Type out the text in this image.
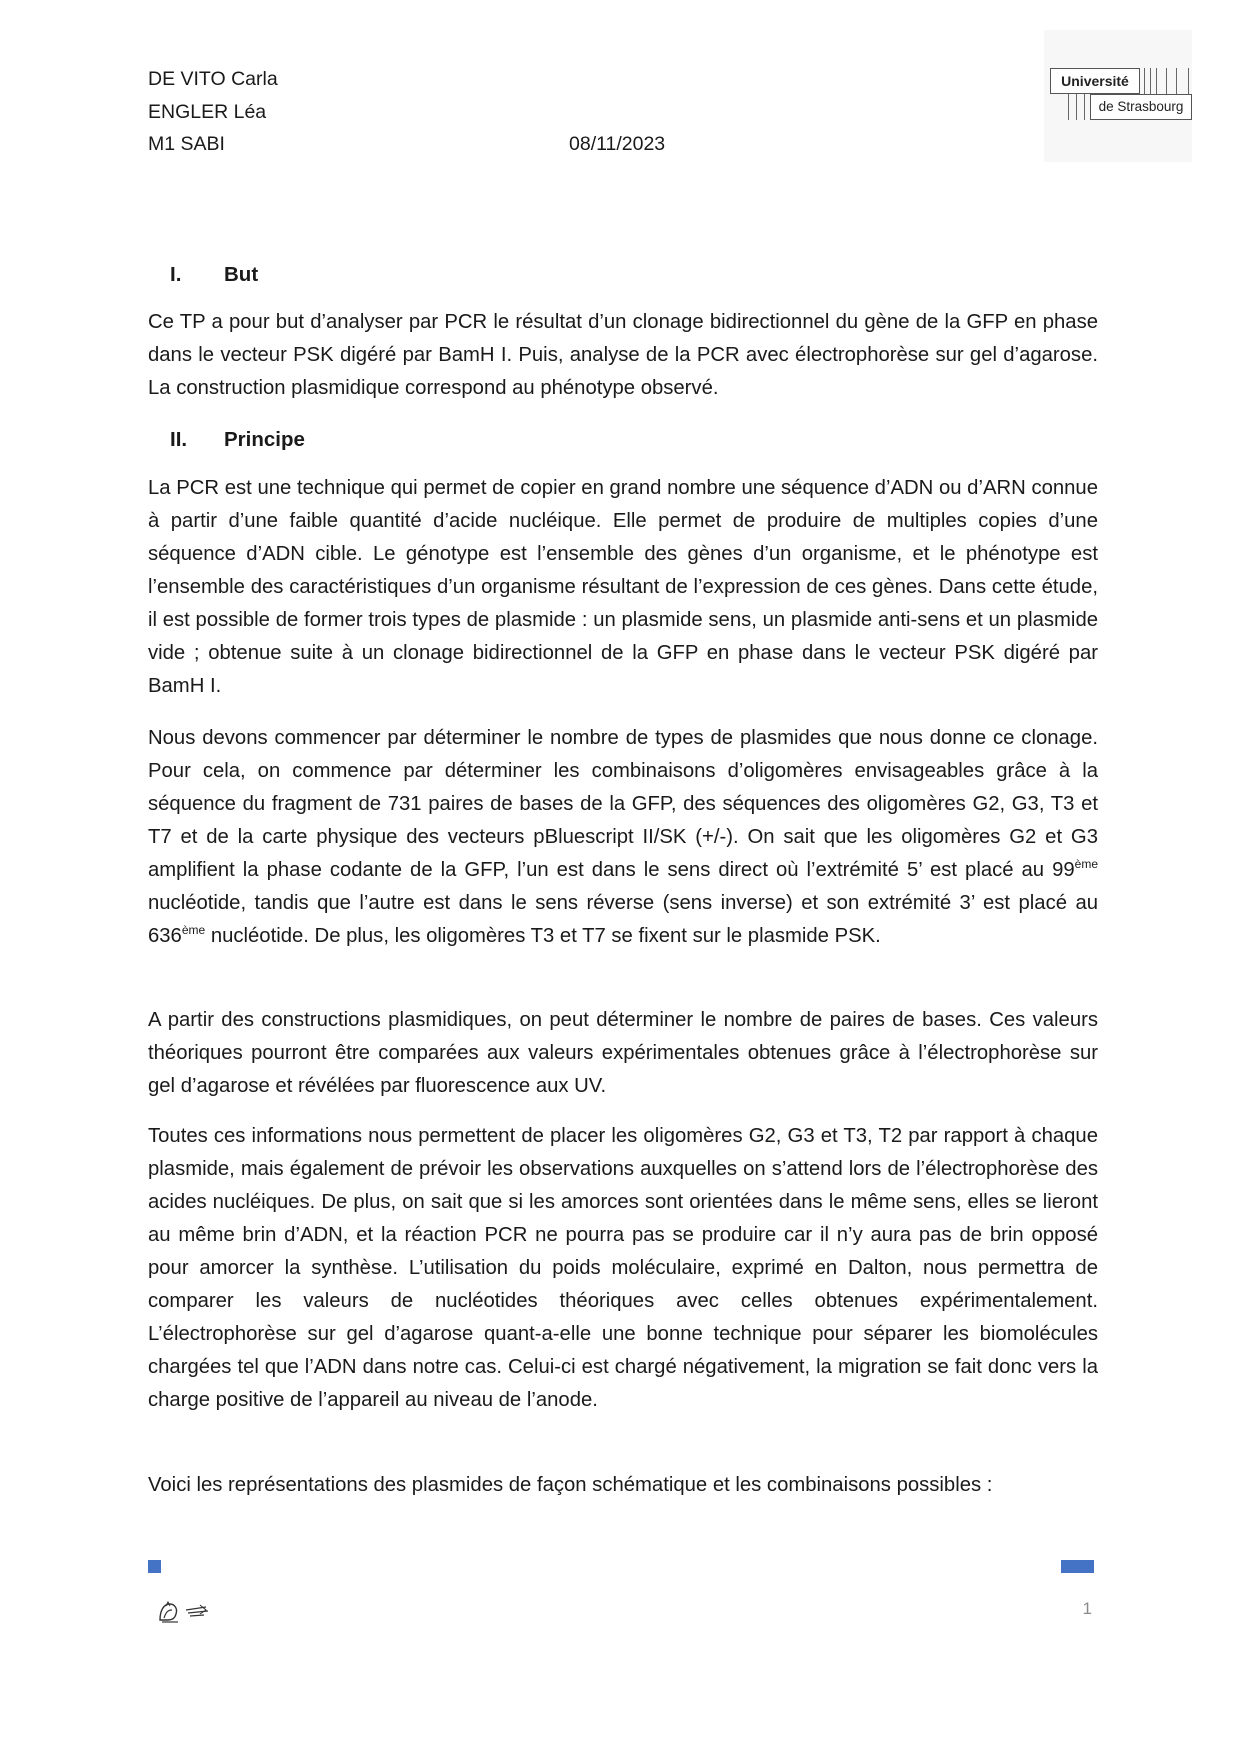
DE VITO Carla

ENGLER Léa

M1 SABI	08/11/2023

Université
de Strasbourg
I. But

Ce TP a pour but d’analyser par PCR le résultat d’un clonage bidirectionnel du gène de la GFP en phase dans le vecteur PSK digéré par BamH I. Puis, analyse de la PCR avec électrophorèse sur gel d’agarose. La construction plasmidique correspond au phénotype observé.

II. Principe

La PCR est une technique qui permet de copier en grand nombre une séquence d’ADN ou d’ARN connue à partir d’une faible quantité d’acide nucléique. Elle permet de produire de multiples copies d’une séquence d’ADN cible. Le génotype est l’ensemble des gènes d’un organisme, et le phénotype est l’ensemble des caractéristiques d’un organisme résultant de l’expression de ces gènes. Dans cette étude, il est possible de former trois types de plasmide : un plasmide sens, un plasmide anti-sens et un plasmide vide ; obtenue suite à un clonage bidirectionnel de la GFP en phase dans le vecteur PSK digéré par BamH I.

Nous devons commencer par déterminer le nombre de types de plasmides que nous donne ce clonage. Pour cela, on commence par déterminer les combinaisons d’oligomères envisageables grâce à la séquence du fragment de 731 paires de bases de la GFP, des séquences des oligomères G2, G3, T3 et T7 et de la carte physique des vecteurs pBluescript II/SK (+/-). On sait que les oligomères G2 et G3 amplifient la phase codante de la GFP, l’un est dans le sens direct où l’extrémité 5’ est placé au 99ème nucléotide, tandis que l’autre est dans le sens réverse (sens inverse) et son extrémité 3’ est placé au 636ème nucléotide. De plus, les oligomères T3 et T7 se fixent sur le plasmide PSK.

A partir des constructions plasmidiques, on peut déterminer le nombre de paires de bases. Ces valeurs théoriques pourront être comparées aux valeurs expérimentales obtenues grâce à l’électrophorèse sur gel d’agarose et révélées par fluorescence aux UV.

Toutes ces informations nous permettent de placer les oligomères G2, G3 et T3, T2 par rapport à chaque plasmide, mais également de prévoir les observations auxquelles on s’attend lors de l’électrophorèse des acides nucléiques. De plus, on sait que si les amorces sont orientées dans le même sens, elles se lieront au même brin d’ADN, et la réaction PCR ne pourra pas se produire car il n’y aura pas de brin opposé pour amorcer la synthèse. L’utilisation du poids moléculaire, exprimé en Dalton, nous permettra de comparer les valeurs de nucléotides théoriques avec celles obtenues expérimentalement. L’électrophorèse sur gel d’agarose quant-a-elle une bonne technique pour séparer les biomolécules chargées tel que l’ADN dans notre cas. Celui-ci est chargé négativement, la migration se fait donc vers la charge positive de l’appareil au niveau de l’anode.

Voici les représentations des plasmides de façon schématique et les combinaisons possibles :

1
